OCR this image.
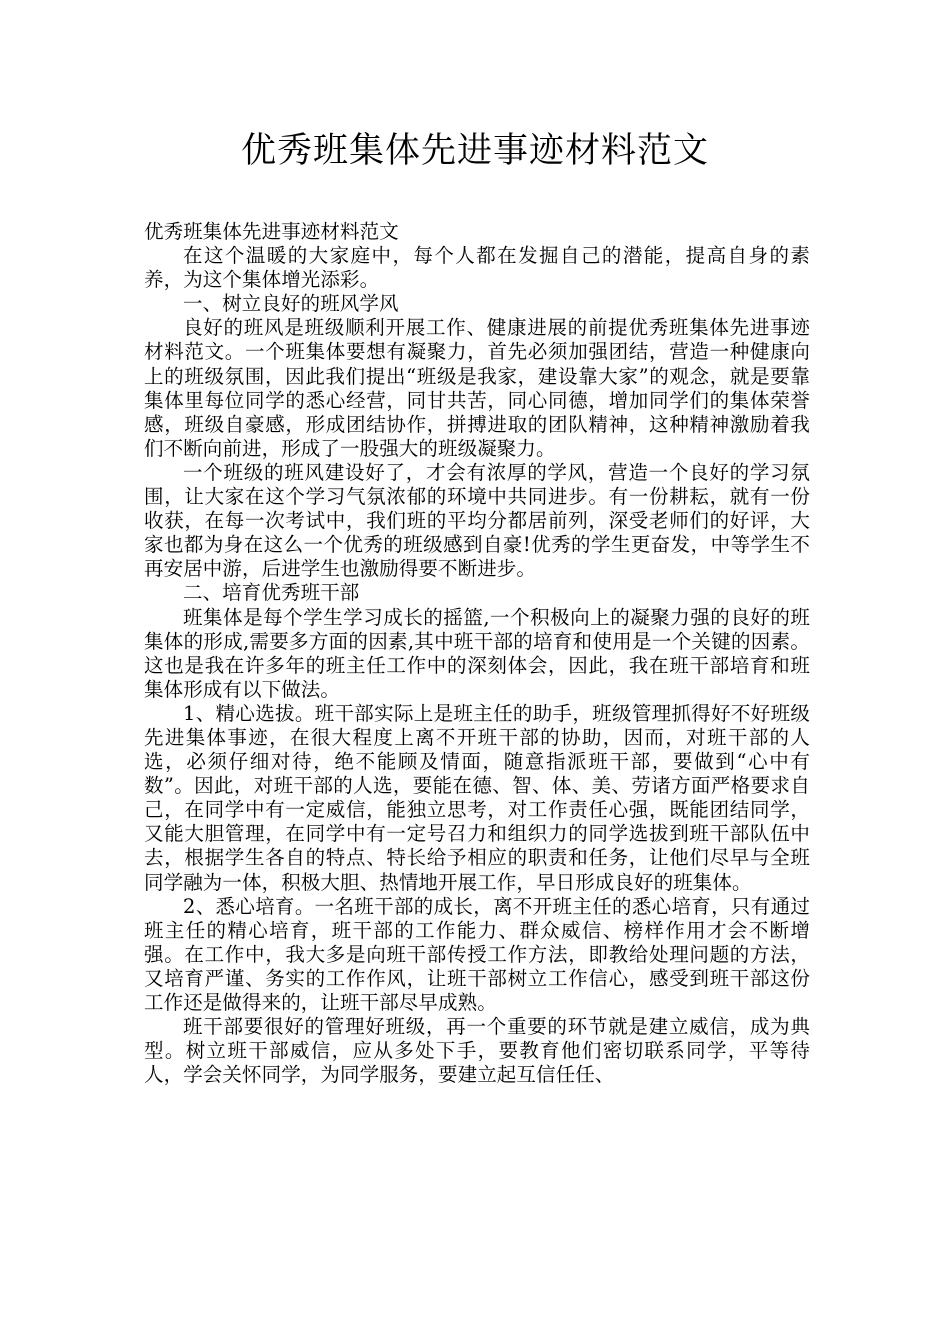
优秀班集体先进事迹材料范文

优秀班集体先进事迹材料范文

在这个温暖的大家庭中，每个人都在发掘自己的潜能，提高自身的素养，为这个集体增光添彩。

一、树立良好的班风学风

良好的班风是班级顺利开展工作、健康进展的前提优秀班集体先进事迹材料范文。一个班集体要想有凝聚力，首先必须加强团结，营造一种健康向上的班级氛围，因此我们提出“班级是我家，建设靠大家”的观念，就是要靠集体里每位同学的悉心经营，同甘共苦，同心同德，增加同学们的集体荣誉感，班级自豪感，形成团结协作，拼搏进取的团队精神，这种精神激励着我们不断向前进，形成了一股强大的班级凝聚力。

一个班级的班风建设好了，才会有浓厚的学风，营造一个良好的学习氛围，让大家在这个学习气氛浓郁的环境中共同进步。有一份耕耘，就有一份收获，在每一次考试中，我们班的平均分都居前列，深受老师们的好评，大家也都为身在这么一个优秀的班级感到自豪!优秀的学生更奋发，中等学生不再安居中游，后进学生也激励得要不断进步。

二、培育优秀班干部

班集体是每个学生学习成长的摇篮,一个积极向上的凝聚力强的良好的班集体的形成,需要多方面的因素,其中班干部的培育和使用是一个关键的因素。这也是我在许多年的班主任工作中的深刻体会，因此，我在班干部培育和班集体形成有以下做法。

1、精心选拔。班干部实际上是班主任的助手，班级管理抓得好不好班级先进集体事迹，在很大程度上离不开班干部的协助，因而，对班干部的人选，必须仔细对待，绝不能顾及情面，随意指派班干部，要做到“心中有数”。因此，对班干部的人选，要能在德、智、体、美、劳诸方面严格要求自己，在同学中有一定威信，能独立思考，对工作责任心强，既能团结同学，又能大胆管理，在同学中有一定号召力和组织力的同学选拔到班干部队伍中去，根据学生各自的特点、特长给予相应的职责和任务，让他们尽早与全班同学融为一体，积极大胆、热情地开展工作，早日形成良好的班集体。

2、悉心培育。一名班干部的成长，离不开班主任的悉心培育，只有通过班主任的精心培育，班干部的工作能力、群众威信、榜样作用才会不断增强。在工作中，我大多是向班干部传授工作方法，即教给处理问题的方法，又培育严谨、务实的工作作风，让班干部树立工作信心，感受到班干部这份工作还是做得来的，让班干部尽早成熟。

班干部要很好的管理好班级，再一个重要的环节就是建立威信，成为典型。树立班干部威信，应从多处下手，要教育他们密切联系同学，平等待人，学会关怀同学，为同学服务，要建立起互信任任、
